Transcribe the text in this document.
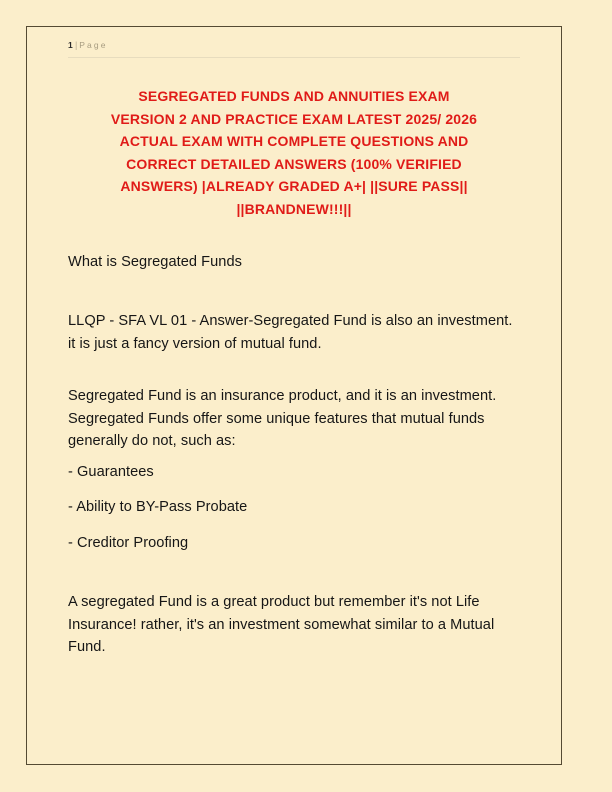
1 | Page
SEGREGATED FUNDS AND ANNUITIES EXAM
VERSION 2 AND PRACTICE EXAM LATEST 2025/ 2026
ACTUAL EXAM WITH COMPLETE QUESTIONS AND
CORRECT DETAILED ANSWERS (100% VERIFIED
ANSWERS) |ALREADY GRADED A+| ||SURE PASS||
||BRANDNEW!!!||

What is Segregated Funds

LLQP - SFA VL 01 - Answer-Segregated Fund is also an investment. it is just a fancy version of mutual fund.

Segregated Fund is an insurance product, and it is an investment. Segregated Funds offer some unique features that mutual funds generally do not, such as:

- Guarantees

- Ability to BY-Pass Probate

- Creditor Proofing

A segregated Fund is a great product but remember it's not Life Insurance! rather, it's an investment somewhat similar to a Mutual Fund.
